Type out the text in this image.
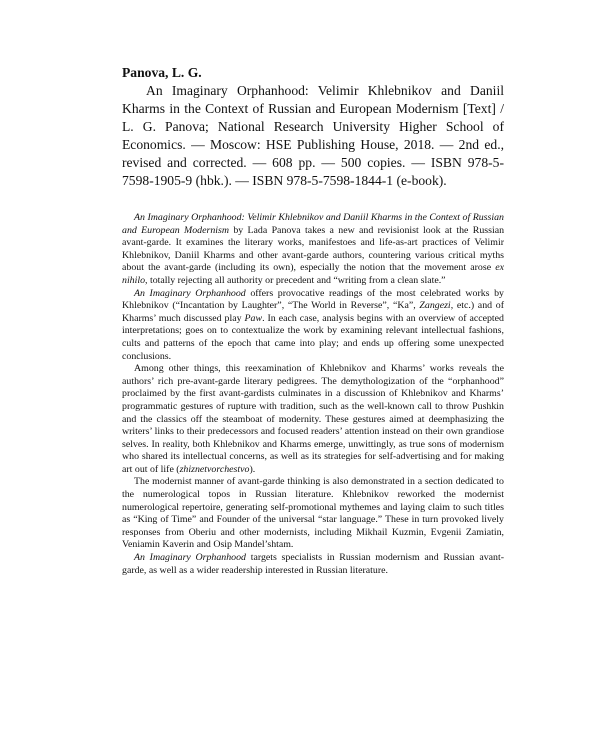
Panova, L. G.

An Imaginary Orphanhood: Velimir Khlebnikov and Daniil Kharms in the Context of Russian and European Modernism [Text] / L. G. Panova; National Research University Higher School of Economics. — Moscow: HSE Publishing House, 2018. — 2nd ed., revised and corrected. — 608 pp. — 500 copies. — ISBN 978-5-7598-1905-9 (hbk.). — ISBN 978-5-7598-1844-1 (e-book).

An Imaginary Orphanhood: Velimir Khlebnikov and Daniil Kharms in the Context of Russian and European Modernism by Lada Panova takes a new and revisionist look at the Russian avant-garde. It examines the literary works, manifestoes and life-as-art practices of Velimir Khlebnikov, Daniil Kharms and other avant-garde authors, countering various critical myths about the avant-garde (including its own), especially the notion that the movement arose ex nihilo, totally rejecting all authority or precedent and “writing from a clean slate.”

An Imaginary Orphanhood offers provocative readings of the most celebrated works by Khlebnikov (“Incantation by Laughter”, “The World in Reverse”, “Ka”, Zangezi, etc.) and of Kharms’ much discussed play Paw. In each case, analysis begins with an overview of accepted interpretations; goes on to contextualize the work by examining relevant intellectual fashions, cults and patterns of the epoch that came into play; and ends up offering some unexpected conclusions.

Among other things, this reexamination of Khlebnikov and Kharms’ works reveals the authors’ rich pre-avant-garde literary pedigrees. The demythologization of the “orphanhood” proclaimed by the first avant-gardists culminates in a discussion of Khlebnikov and Kharms’ programmatic gestures of rupture with tradition, such as the well-known call to throw Pushkin and the classics off the steamboat of modernity. These gestures aimed at deemphasizing the writers’ links to their predecessors and focused readers’ attention instead on their own grandiose selves. In reality, both Khlebnikov and Kharms emerge, unwittingly, as true sons of modernism who shared its intellectual concerns, as well as its strategies for self-advertising and for making art out of life (zhiznetvorchestvo).

The modernist manner of avant-garde thinking is also demonstrated in a section dedicated to the numerological topos in Russian literature. Khlebnikov reworked the modernist numerological repertoire, generating self-promotional mythemes and laying claim to such titles as “King of Time” and Founder of the universal “star language.” These in turn provoked lively responses from Oberiu and other modernists, including Mikhail Kuzmin, Evgenii Zamiatin, Veniamin Kaverin and Osip Mandel’shtam.

An Imaginary Orphanhood targets specialists in Russian modernism and Russian avant-garde, as well as a wider readership interested in Russian literature.
